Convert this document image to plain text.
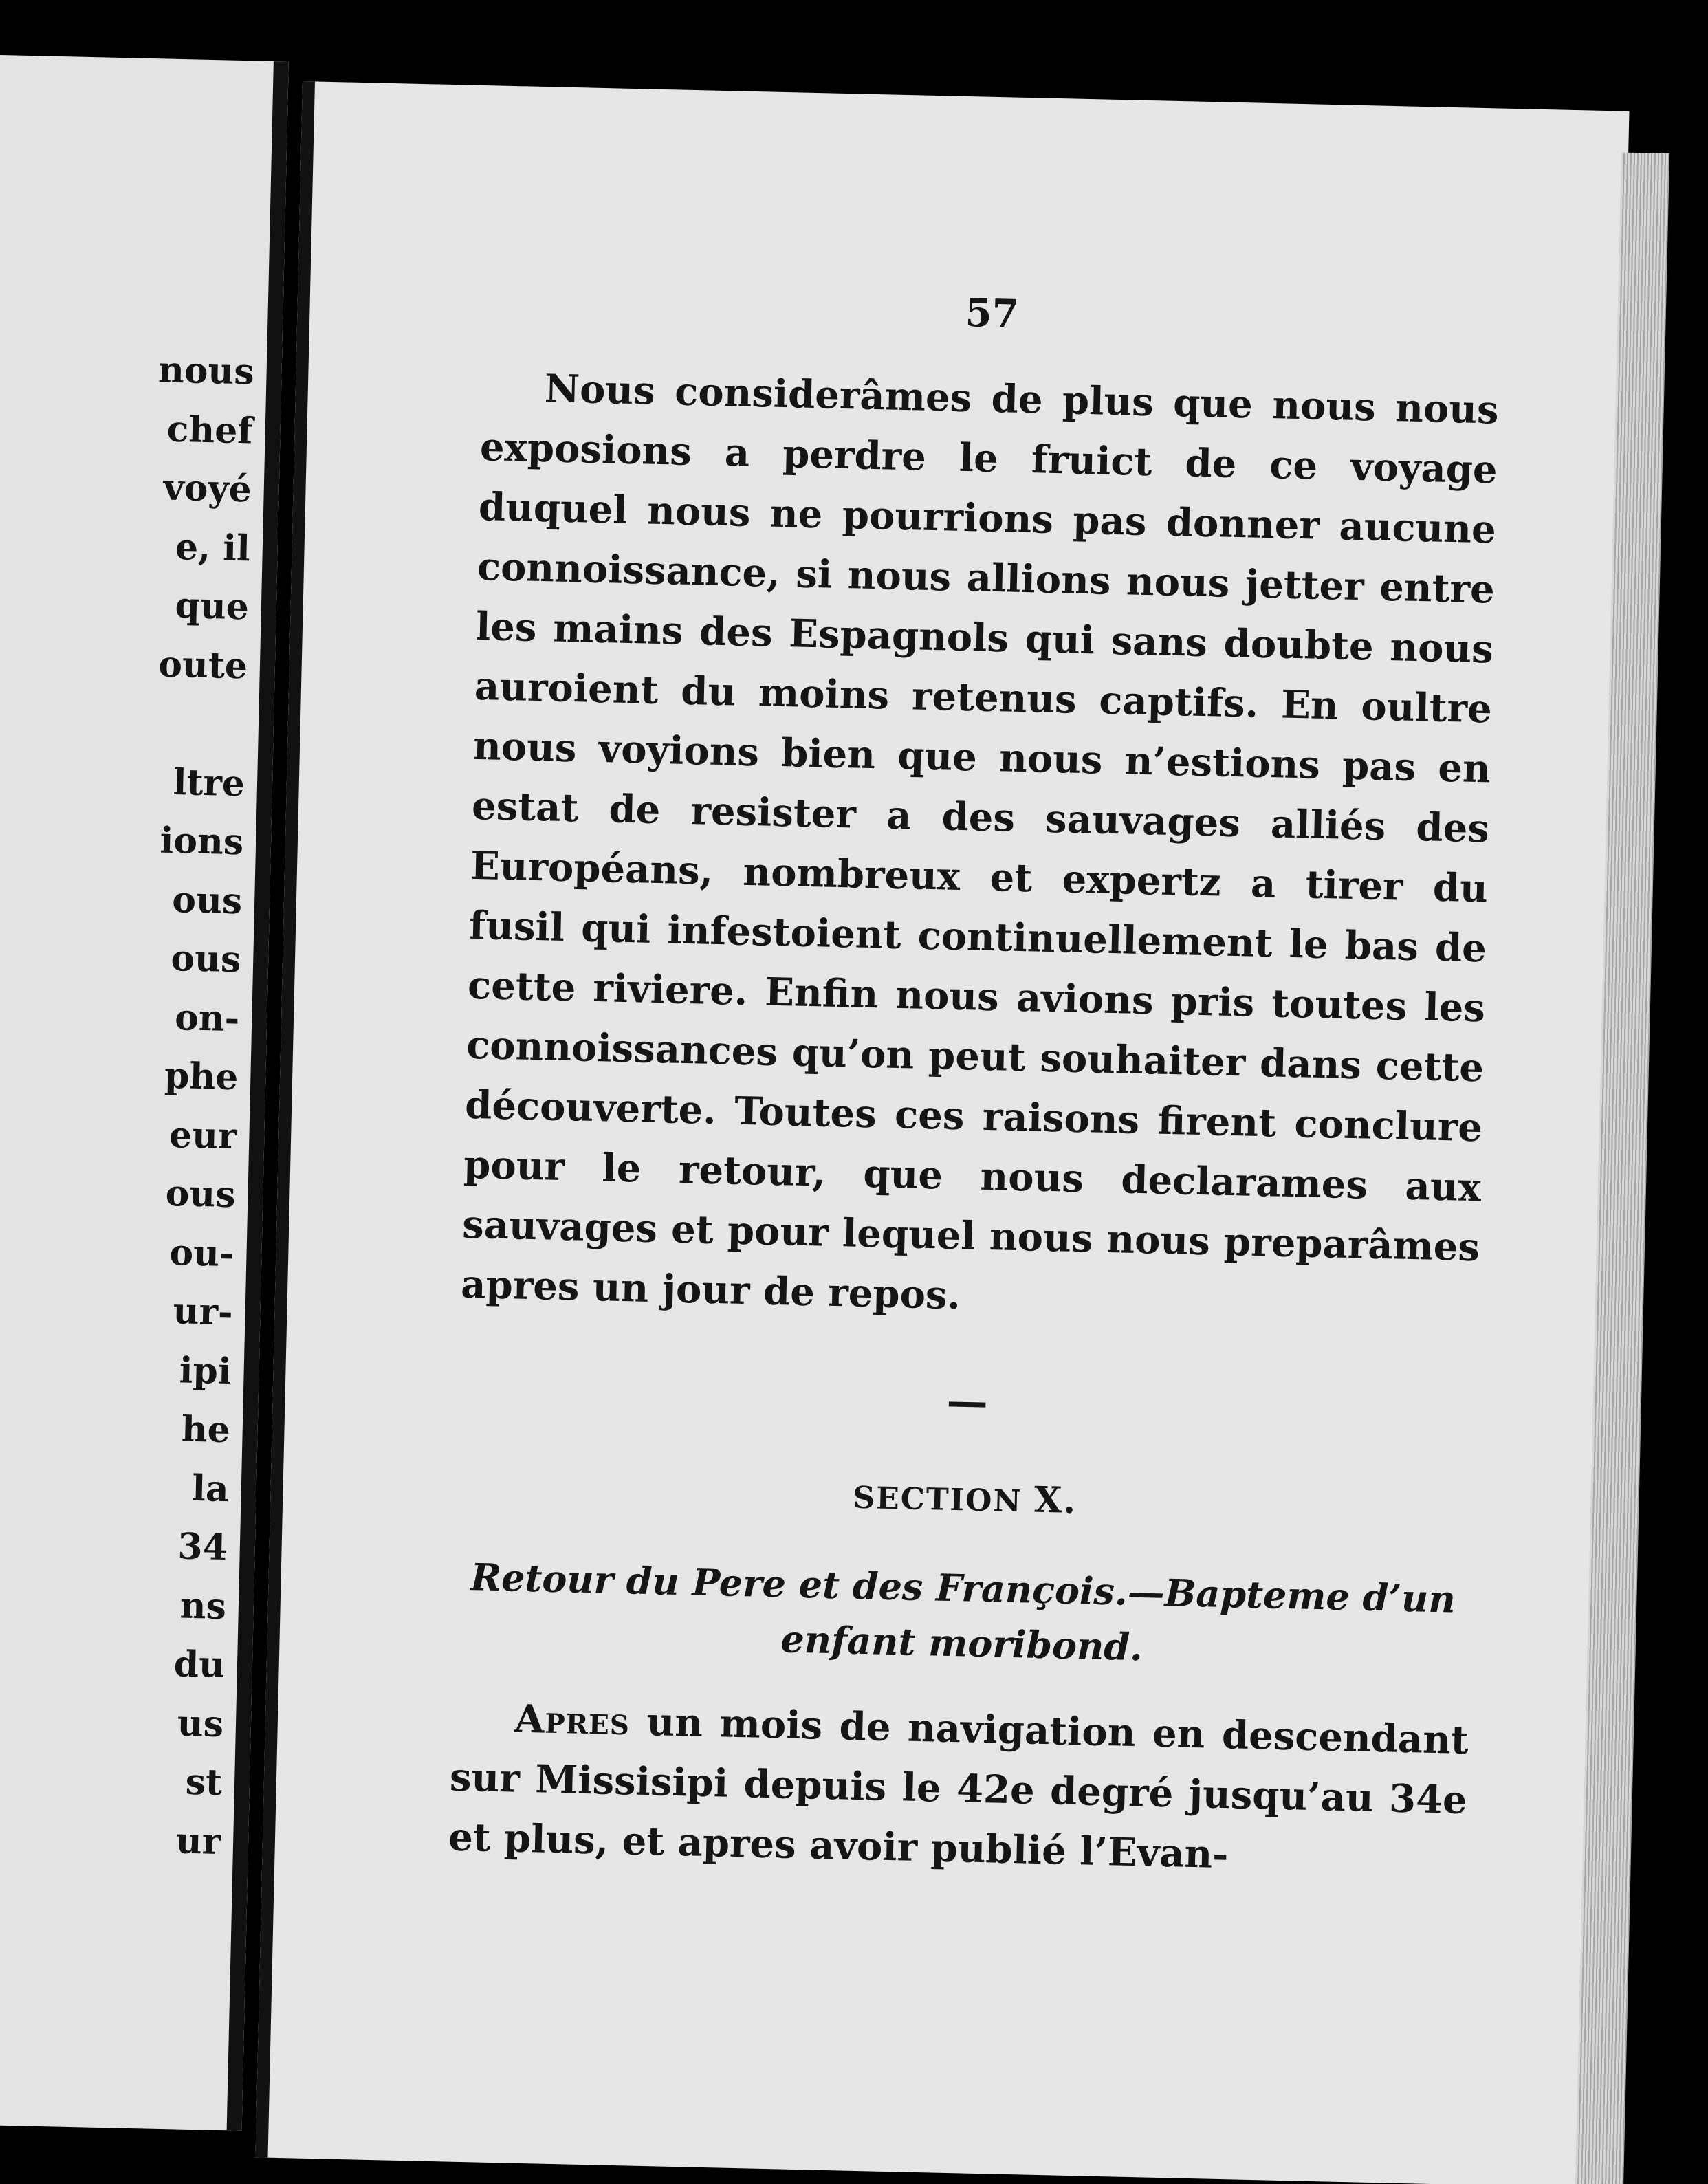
nous
chef
voyé
e, il
que
oute

ltre
ions
ous
ous
on-
phe
eur
ous
ou-
ur-
ipi
he
la
34
ns
du
us
st
ur
57

Nous considerâmes de plus que nous nous exposions a perdre le fruict de ce voyage duquel nous ne pourrions pas donner aucune connoissance, si nous allions nous jetter entre les mains des Espagnols qui sans doubte nous auroient du moins retenus captifs. En oultre nous voyions bien que nous n’estions pas en estat de resister a des sauvages alliés des Européans, nombreux et expertz a tirer du fusil qui infestoient continuellement le bas de cette riviere. Enfin nous avions pris toutes les connoissances qu’on peut souhaiter dans cette découverte. Toutes ces raisons firent conclure pour le retour, que nous declarames aux sauvages et pour lequel nous nous preparâmes apres un jour de repos.

—
SECTION X.
Retour du Pere et des François.—Bapteme d’un enfant moribond.

Apres un mois de navigation en descendant sur Missisipi depuis le 42e degré jusqu’au 34e et plus, et apres avoir publié l’Evan-
